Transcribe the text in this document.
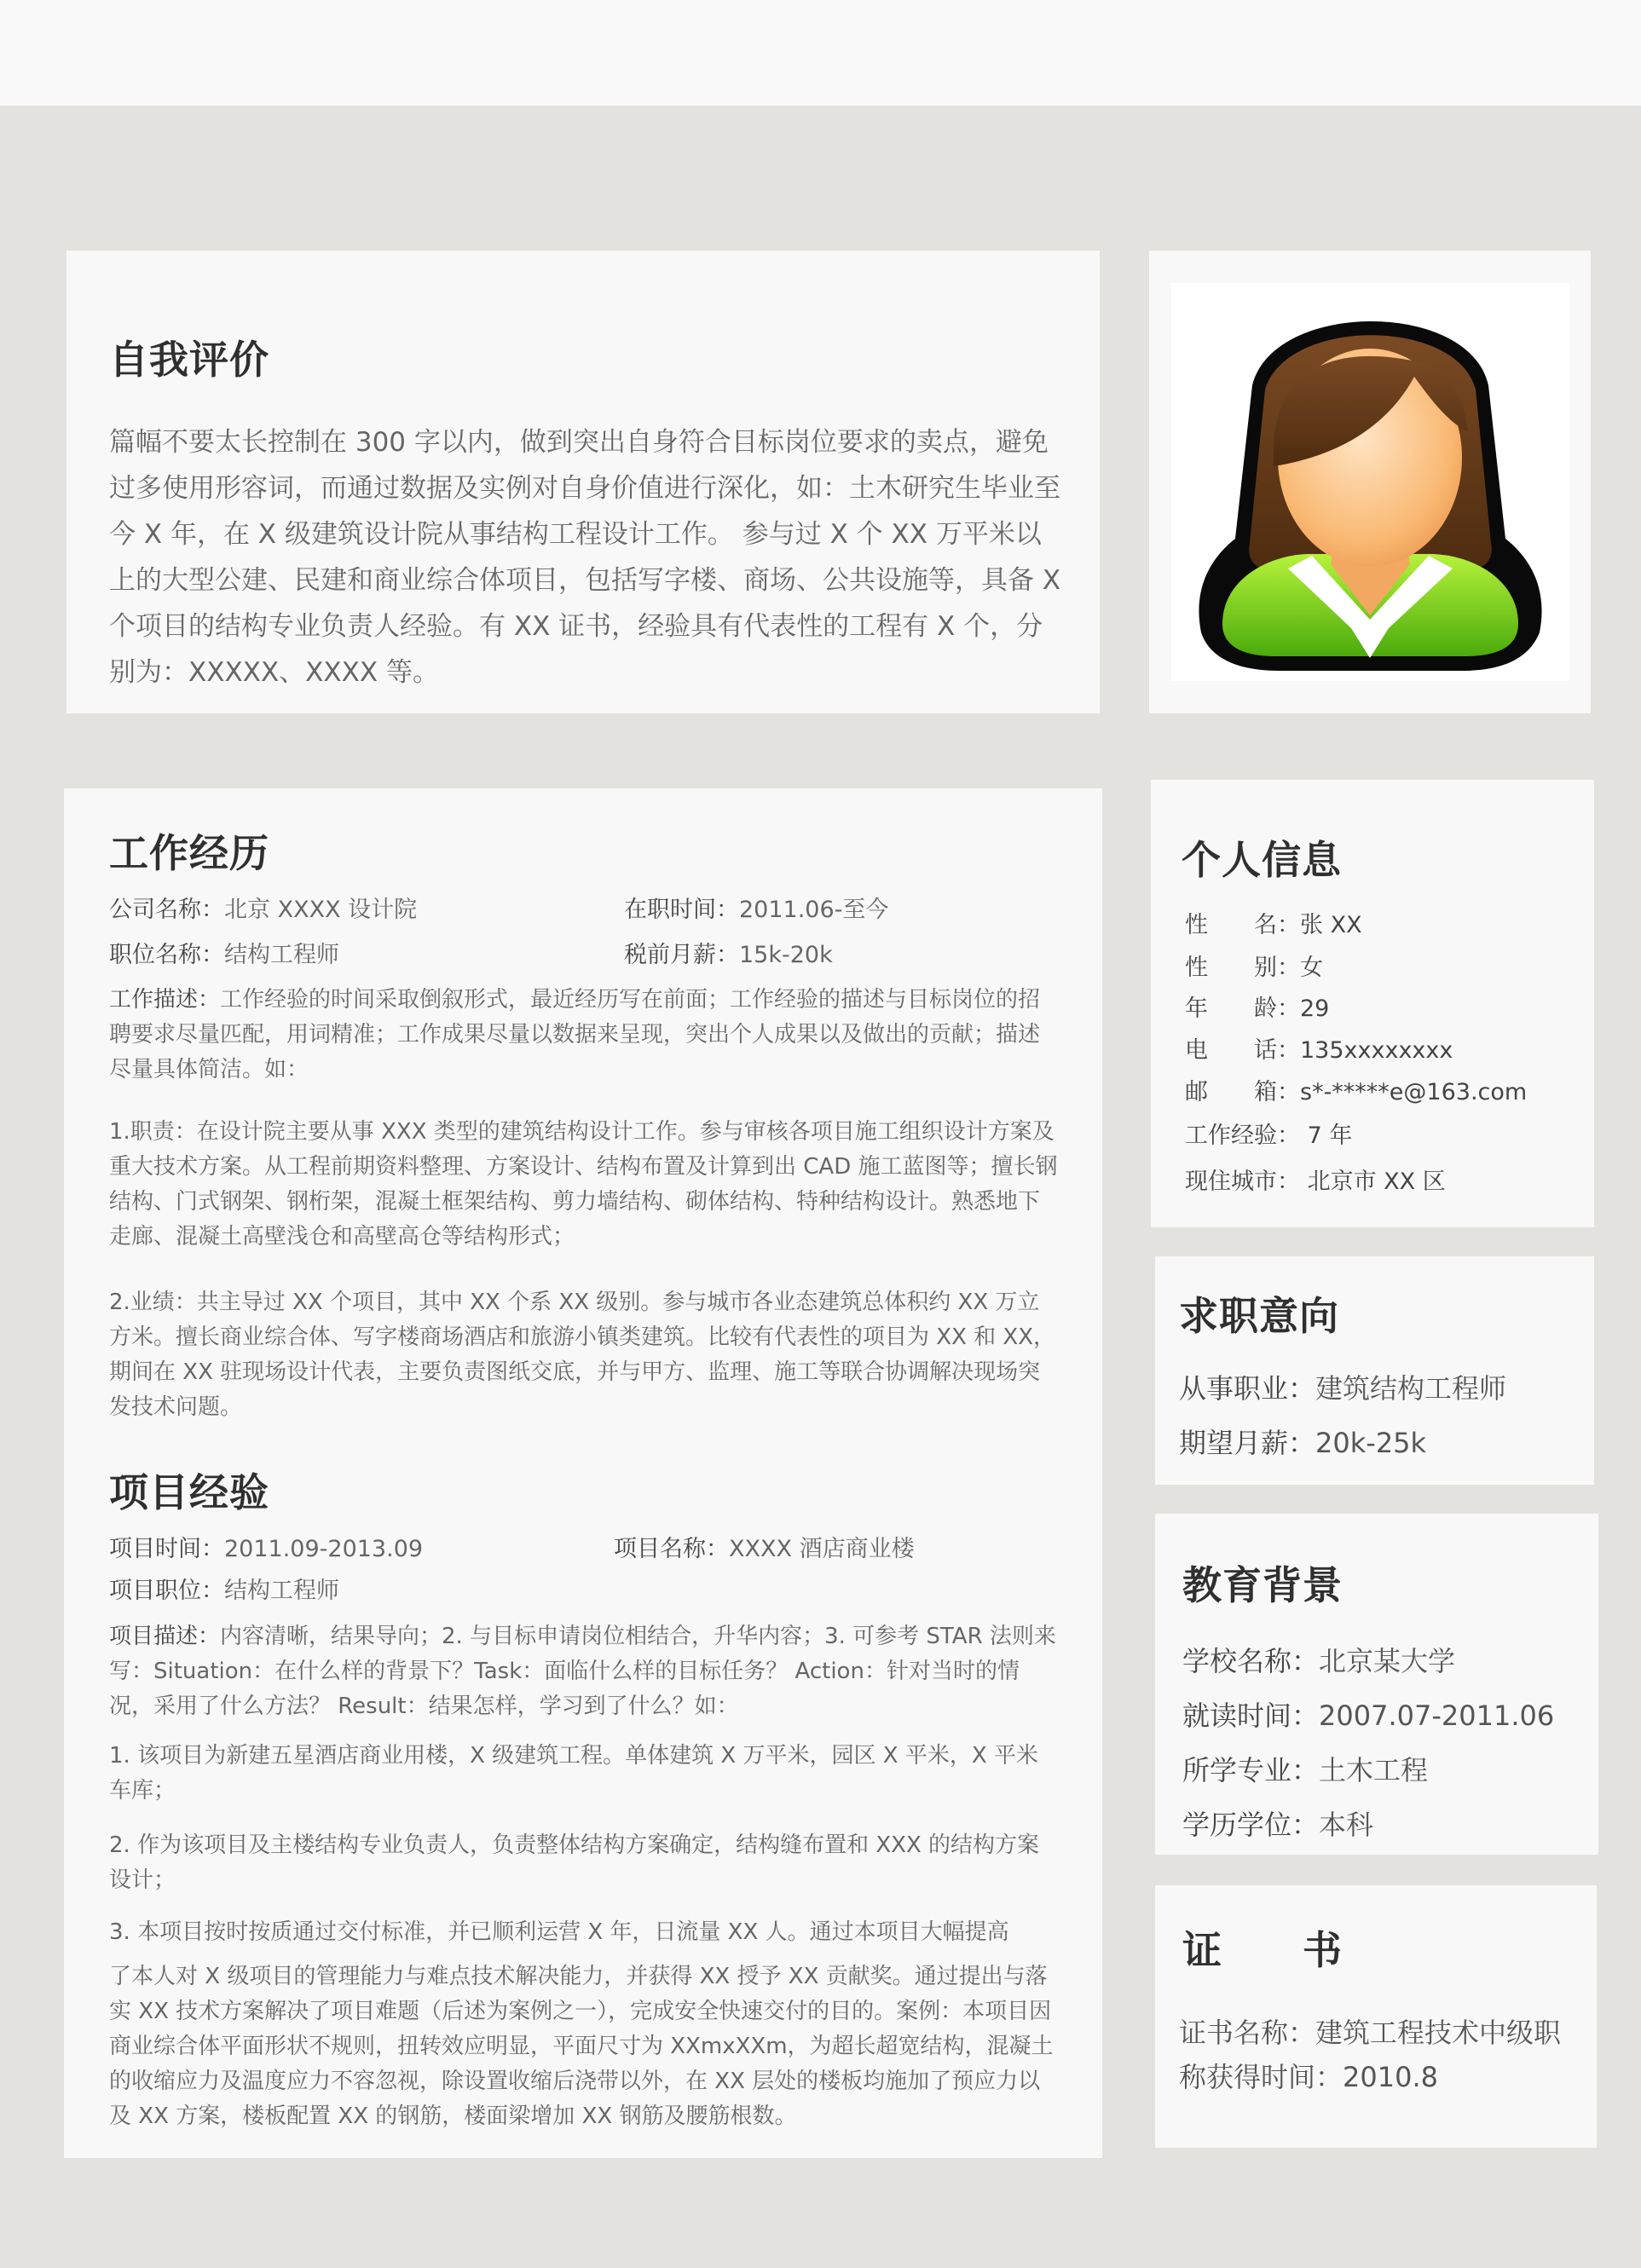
自我评价

篇幅不要太长控制在 300 字以内，做到突出自身符合目标岗位要求的卖点，避免过多使用形容词，而通过数据及实例对自身价值进行深化，如：土木研究生毕业至今 X 年，在 X 级建筑设计院从事结构工程设计工作。 参与过 X 个 XX 万平米以上的大型公建、民建和商业综合体项目，包括写字楼、商场、公共设施等，具备 X 个项目的结构专业负责人经验。有 XX 证书，经验具有代表性的工程有 X 个，分别为：XXXXX、XXXX 等。

工作经历
公司名称：北京 XXXX 设计院	在职时间：2011.06-至今
职位名称：结构工程师	税前月薪：15k-20k

工作描述：工作经验的时间采取倒叙形式，最近经历写在前面；工作经验的描述与目标岗位的招聘要求尽量匹配，用词精准；工作成果尽量以数据来呈现，突出个人成果以及做出的贡献；描述尽量具体简洁。如：

1.职责：在设计院主要从事 XXX 类型的建筑结构设计工作。参与审核各项目施工组织设计方案及重大技术方案。从工程前期资料整理、方案设计、结构布置及计算到出 CAD 施工蓝图等；擅长钢结构、门式钢架、钢桁架，混凝土框架结构、剪力墙结构、砌体结构、特种结构设计。熟悉地下走廊、混凝土高壁浅仓和高壁高仓等结构形式；

2.业绩：共主导过 XX 个项目，其中 XX 个系 XX 级别。参与城市各业态建筑总体积约 XX 万立方米。擅长商业综合体、写字楼商场酒店和旅游小镇类建筑。比较有代表性的项目为 XX 和 XX，期间在 XX 驻现场设计代表，主要负责图纸交底，并与甲方、监理、施工等联合协调解决现场突发技术问题。

项目经验
项目时间：2011.09-2013.09	项目名称：XXXX 酒店商业楼
项目职位：结构工程师

项目描述：内容清晰，结果导向；2. 与目标申请岗位相结合，升华内容；3. 可参考 STAR 法则来写：Situation：在什么样的背景下？Task：面临什么样的目标任务？ Action：针对当时的情况，采用了什么方法？ Result：结果怎样，学习到了什么？如：

1. 该项目为新建五星酒店商业用楼，X 级建筑工程。单体建筑 X 万平米，园区 X 平米，X 平米车库；

2. 作为该项目及主楼结构专业负责人，负责整体结构方案确定，结构缝布置和 XXX 的结构方案设计；

3. 本项目按时按质通过交付标准，并已顺利运营 X 年，日流量 XX 人。通过本项目大幅提高

了本人对 X 级项目的管理能力与难点技术解决能力，并获得 XX 授予 XX 贡献奖。通过提出与落实 XX 技术方案解决了项目难题（后述为案例之一），完成安全快速交付的目的。案例：本项目因商业综合体平面形状不规则，扭转效应明显，平面尺寸为 XXmxXXm，为超长超宽结构，混凝土的收缩应力及温度应力不容忽视，除设置收缩后浇带以外，在 XX 层处的楼板均施加了预应力以及 XX 方案，楼板配置 XX 的钢筋，楼面梁增加 XX 钢筋及腰筋根数。

个人信息
性　　名：张 XX
性　　别：女
年　　龄：29
电　　话：135xxxxxxxx
邮　　箱：s*-*****e@163.com
工作经验： 7 年
现住城市： 北京市 XX 区
求职意向
从事职业：建筑结构工程师
期望月薪：20k-25k
教育背景
学校名称：北京某大学
就读时间：2007.07-2011.06
所学专业：土木工程
学历学位：本科
证　　书
证书名称：建筑工程技术中级职
称获得时间：2010.8
